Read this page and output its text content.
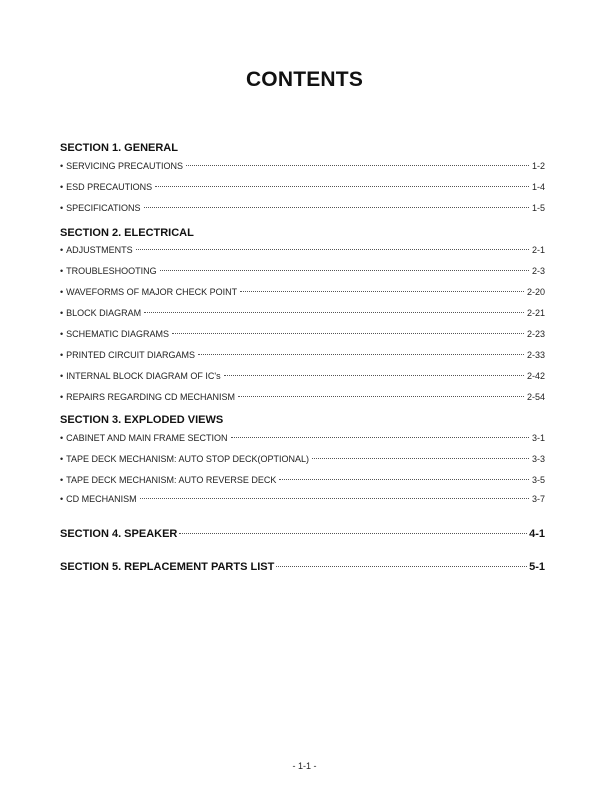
CONTENTS
SECTION 1. GENERAL
• SERVICING PRECAUTIONS	1-2
• ESD PRECAUTIONS	1-4
• SPECIFICATIONS	1-5
SECTION 2. ELECTRICAL
• ADJUSTMENTS	2-1
• TROUBLESHOOTING	2-3
• WAVEFORMS OF MAJOR CHECK POINT	2-20
• BLOCK DIAGRAM	2-21
• SCHEMATIC DIAGRAMS	2-23
• PRINTED CIRCUIT DIARGAMS	2-33
• INTERNAL BLOCK DIAGRAM OF IC's	2-42
• REPAIRS REGARDING CD MECHANISM	2-54
SECTION 3. EXPLODED VIEWS
• CABINET AND MAIN FRAME SECTION	3-1
• TAPE DECK MECHANISM: AUTO STOP DECK(OPTIONAL)	3-3
• TAPE DECK MECHANISM: AUTO REVERSE DECK	3-5
• CD MECHANISM	3-7
SECTION 4. SPEAKER	4-1
SECTION 5. REPLACEMENT PARTS LIST	5-1
- 1-1 -
